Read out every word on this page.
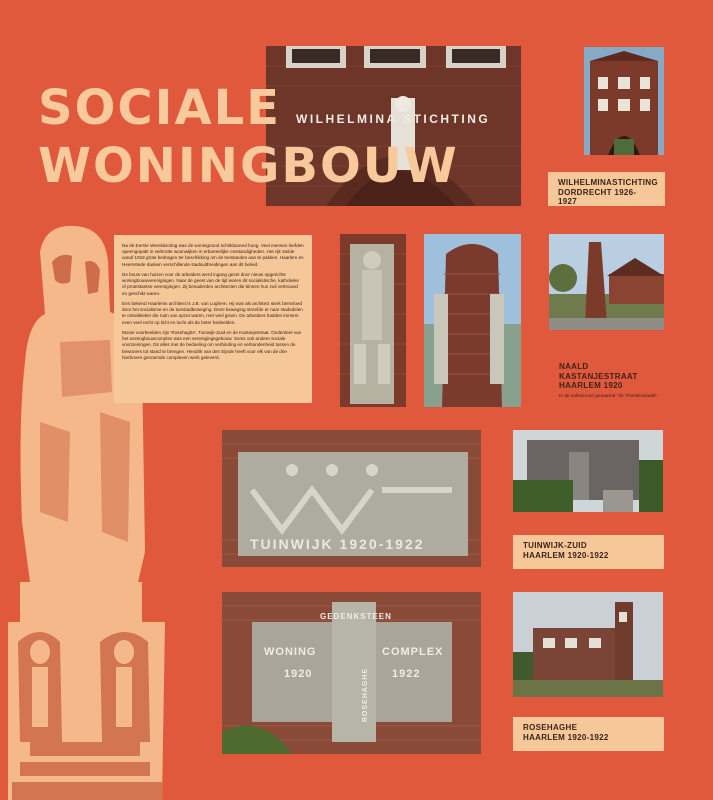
WILHELMINA STICHTING
SOCIALE
WONINGBOUW	WILHELMINASTICHTING
DORDRECHT 1926-1927

Na de Eerste Wereldoorlog was de woningnood schrikbarend hoog. Veel mensen leefden opeengepakt in verkrotte woonwijken in erbarmelijke omstandigheden. Het rijk stelde vanaf 1918 grote bedragen ter beschikking om de toestanden aan te pakken. Haarlem en Heemstede danken verschillende stadsuitbreidingen aan dit beleid.

De bouw van huizen voor de arbeiders werd ingang gezet door nieuw opgerichte woningbouwverenigingen. Naar de geest van de tijd waren dit socialistische, katholieke of protestantse verenigingen. Zij benaderden architecten die binnen hun zuil vertrouwd en geschikt waren.

Een bekend Haarlems architect is J.B. van Loghem. Hij was als architect sterk beïnvloed door het socialisme en de tuinstadbeweging. Deze beweging streefde er naar stadsdelen te ontwikkelen die ruim van opzet waren, met veel groen. De arbeiders hadden immers even veel recht op licht en lucht als de beter bedeelden.

Mooie voorbeelden zijn 'Rosehaghe', Tuinwijk-Zuid en de Kastanjestraat. Onderdeel van het woningbouwcomplex was een verenigingsgebouw. Soms ook andere sociale voorzieningen. Dit alles met de bedoeling om verbinding en verbondenheid tussen de bewoners tot stand te brengen. Hendrik van den Eijnde heeft voor elk van de drie hierboven genoemde complexen werk geleverd.

NAALD KASTANJESTRAAT
HAARLEM 1920
In de volksmond genaamd "de Troelstranaald".
TUINWIJK 1920-1922	TUINWIJK-ZUID
HAARLEM 1920-1922
GEDENKSTEEN
WONING	COMPLEX
1920	1922
ROSEHAGHE
ROSEHAGHE
HAARLEM 1920-1922
